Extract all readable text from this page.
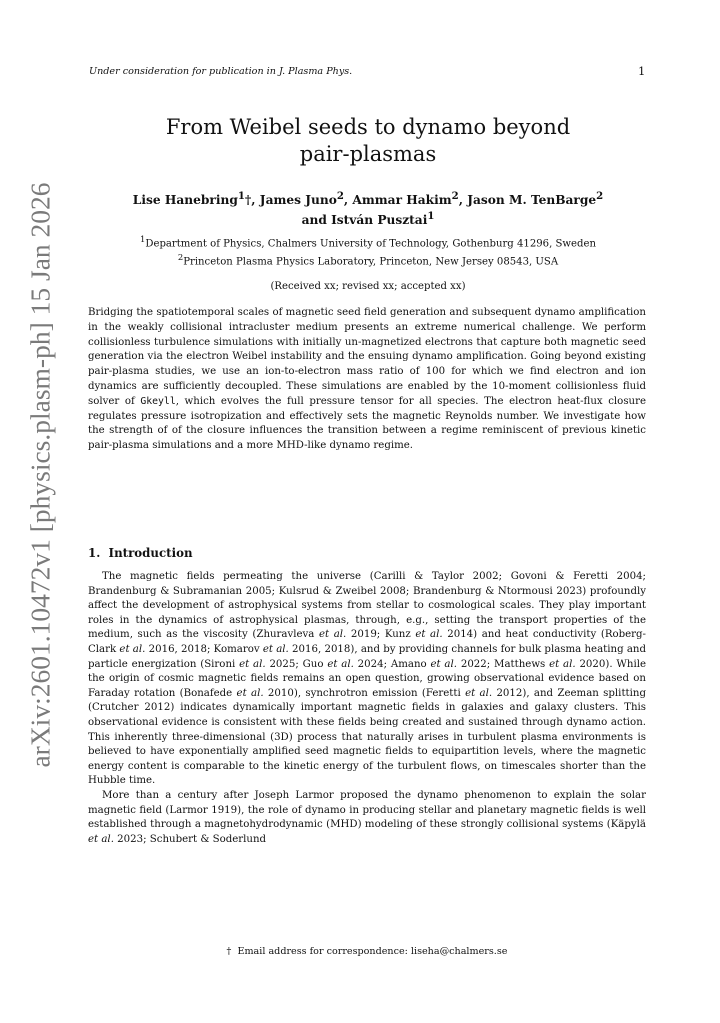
Under consideration for publication in J. Plasma Phys.	1
arXiv:2601.10472v1 [physics.plasm-ph] 15 Jan 2026
From Weibel seeds to dynamo beyond
pair-plasmas
Lise Hanebring$^1$†, James Juno$^2$, Ammar Hakim$^2$, Jason M. TenBarge$^2$
and István Pusztai$^1$
$^1$Department of Physics, Chalmers University of Technology, Gothenburg 41296, Sweden
$^2$Princeton Plasma Physics Laboratory, Princeton, New Jersey 08543, USA
(Received xx; revised xx; accepted xx)
Bridging the spatiotemporal scales of magnetic seed field generation and subsequent dynamo amplification in the weakly collisional intracluster medium presents an extreme numerical challenge. We perform collisionless turbulence simulations with initially un-magnetized electrons that capture both magnetic seed generation via the electron Weibel instability and the ensuing dynamo amplification. Going beyond existing pair-plasma studies, we use an ion-to-electron mass ratio of 100 for which we find electron and ion dynamics are sufficiently decoupled. These simulations are enabled by the 10-moment collisionless fluid solver of Gkeyll, which evolves the full pressure tensor for all species. The electron heat-flux closure regulates pressure isotropization and effectively sets the magnetic Reynolds number. We investigate how the strength of of the closure influences the transition between a regime reminiscent of previous kinetic pair-plasma simulations and a more MHD-like dynamo regime.
1. Introduction

The magnetic fields permeating the universe (Carilli & Taylor 2002; Govoni & Feretti 2004; Brandenburg & Subramanian 2005; Kulsrud & Zweibel 2008; Brandenburg & Ntormousi 2023) profoundly affect the development of astrophysical systems from stellar to cosmological scales. They play important roles in the dynamics of astrophysical plasmas, through, e.g., setting the transport properties of the medium, such as the viscosity (Zhuravleva et al. 2019; Kunz et al. 2014) and heat conductivity (Roberg-Clark et al. 2016, 2018; Komarov et al. 2016, 2018), and by providing channels for bulk plasma heating and particle energization (Sironi et al. 2025; Guo et al. 2024; Amano et al. 2022; Matthews et al. 2020). While the origin of cosmic magnetic fields remains an open question, growing observational evidence based on Faraday rotation (Bonafede et al. 2010), synchrotron emission (Feretti et al. 2012), and Zeeman splitting (Crutcher 2012) indicates dynamically important magnetic fields in galaxies and galaxy clusters. This observational evidence is consistent with these fields being created and sustained through dynamo action. This inherently three-dimensional (3D) process that naturally arises in turbulent plasma environments is believed to have exponentially amplified seed magnetic fields to equipartition levels, where the magnetic energy content is comparable to the kinetic energy of the turbulent flows, on timescales shorter than the Hubble time.

More than a century after Joseph Larmor proposed the dynamo phenomenon to explain the solar magnetic field (Larmor 1919), the role of dynamo in producing stellar and planetary magnetic fields is well established through a magnetohydrodynamic (MHD) modeling of these strongly collisional systems (Käpylä et al. 2023; Schubert & Soderlund

† Email address for correspondence: liseha@chalmers.se
